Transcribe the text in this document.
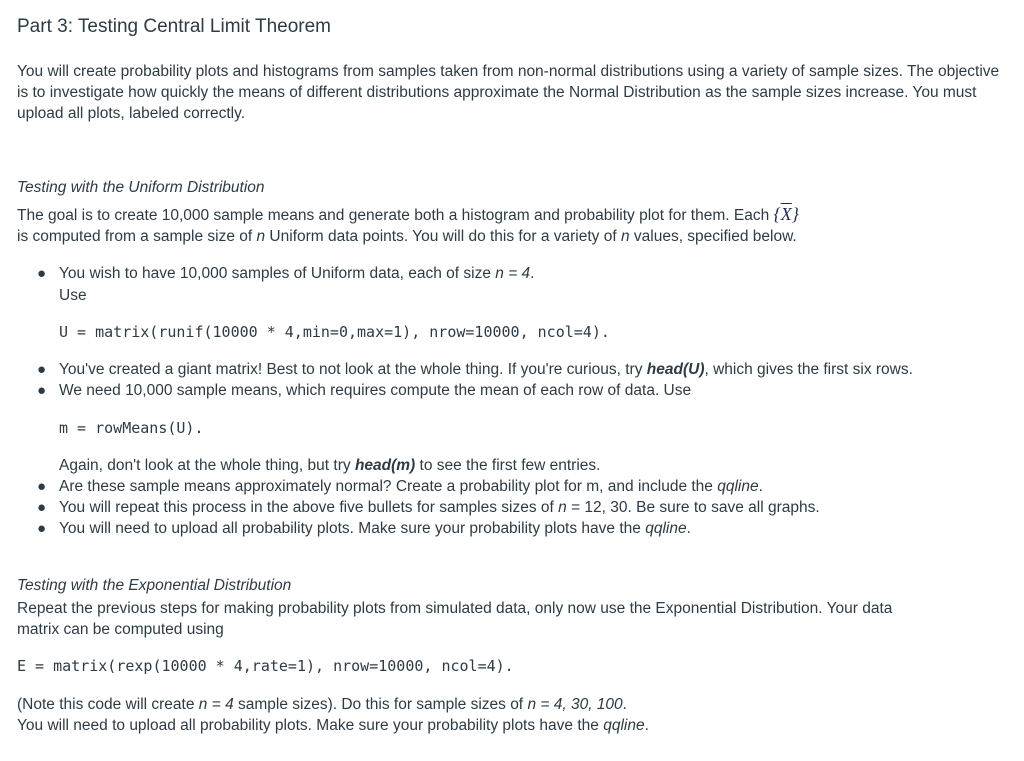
Part 3: Testing Central Limit Theorem

You will create probability plots and histograms from samples taken from non-normal distributions using a variety of sample sizes. The objective is to investigate how quickly the means of different distributions approximate the Normal Distribution as the sample sizes increase. You must upload all plots, labeled correctly.

Testing with the Uniform Distribution

The goal is to create 10,000 sample means and generate both a histogram and probability plot for them. Each $\{\overline{X}\}$

is computed from a sample size of n Uniform data points. You will do this for a variety of n values, specified below.

● You wish to have 10,000 samples of Uniform data, each of size n = 4.
Use
U = matrix(runif(10000 * 4,min=0,max=1), nrow=10000, ncol=4).
● You've created a giant matrix! Best to not look at the whole thing. If you're curious, try head(U), which gives the first six rows.
● We need 10,000 sample means, which requires compute the mean of each row of data. Use
m = rowMeans(U).
Again, don't look at the whole thing, but try head(m) to see the first few entries.
● Are these sample means approximately normal? Create a probability plot for m, and include the qqline.
● You will repeat this process in the above five bullets for samples sizes of n = 12, 30. Be sure to save all graphs.
● You will need to upload all probability plots. Make sure your probability plots have the qqline.

Testing with the Exponential Distribution

Repeat the previous steps for making probability plots from simulated data, only now use the Exponential Distribution. Your data

matrix can be computed using

E = matrix(rexp(10000 * 4,rate=1), nrow=10000, ncol=4).

(Note this code will create n = 4 sample sizes). Do this for sample sizes of n = 4, 30, 100.

You will need to upload all probability plots. Make sure your probability plots have the qqline.
